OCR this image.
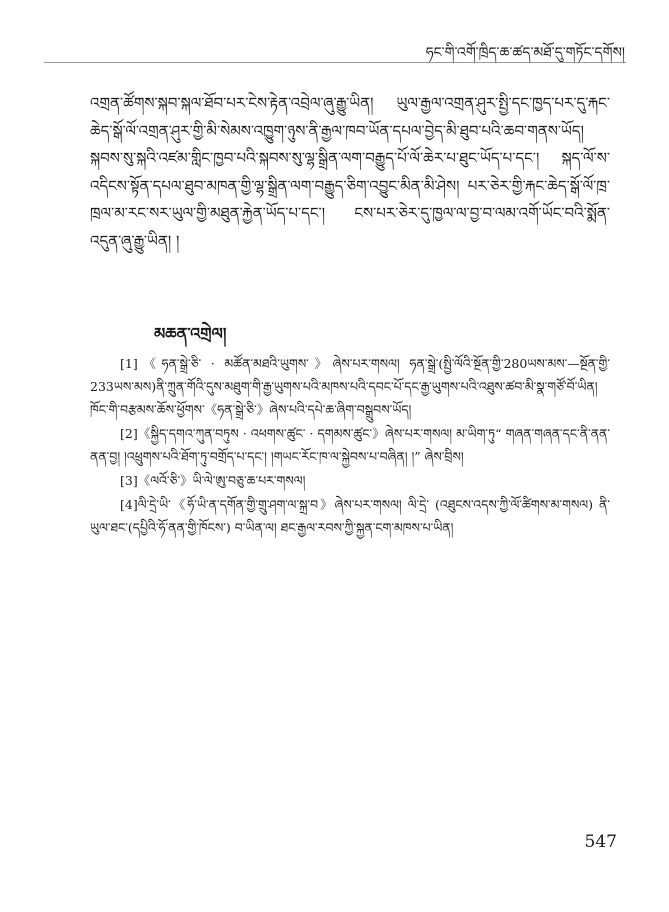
ཧང་གི་འགོ་ཁྲིད་ཆ་ཚད་མཐོ་དུ་གཏོང་དགོས།
འགྲན་ཚོགས་སྐབ་སྐལ་ཐོབ་པར་ངེས་རྟེན་འབྲེལ་ཞུ་རྒྱུ་ཡིན། ཡུལ་རྒྱལ་འགྲན་ཤུར་སྤྱི་དང་ཁྱད་པར་དུ་རྐང་ཆེད་སྒོ་ལོ་འགྲན་ཤུར་གྱི་མི་སེམས་འཁྱུག་ཉུས་ནི་རྒྱལ་ཁབ་ཡོན་དཔལ་བྱེད་མི་ཐུབ་པའི་ཆབ་གནས་ཡོད། སྐབས་སུ་སྐའི་འཛམ་གླིང་ཁྱབ་པའི་སྐབས་སུ་ལྷ་སྒྲིན་ལག་བརྒྱུད་པོ་ལོ་ཆེར་པ་ཐུང་ཡོད་པ་དང་། སྐད་ལོ་ས་འདིངས་སྟོན་དཔལ་ཐུབ་མཁན་གྱི་ལྷ་སྒྲིན་ལག་བརྒྱུད་ཅིག་འབྱུང་མིན་མི་ཤེས། པར་ཅེར་གྱི་རྐང་ཆེད་སྒོ་ལོ་ཁྲ་ཁྲལ་མ་རང་སར་ཡུལ་གྱི་མཐུན་རྐྱེན་ཡོད་པ་དང་། ངས་པར་ཅེར་དུ་ཁྱལ་ལ་བྱ་བ་ལམ་འགོ་ཡོང་བའི་སྨོན་འདུན་ཞུ་རྒྱུ་ཡིན། །
མཆན་འགྲེལ།

[1]《ཧན་སྒྲེ་ཅི་ · མཚོན་མཐའི་ཡུགས་》ཞེས་པར་གསལ། ཧན་སྒྲེ་(སྤྱི་ལོའི་སྔོན་གྱི་280ཡས་མས་—སྔོན་གྱི་233ཡས་མས)ནི་ཀྲུན་གོའི་དུས་མཐུག་གི་རྒྱ་ཡུགས་པའི་མཁས་པའི་དབང་པོ་དང་རྒྱ་ཡུགས་པའི་འཐུས་ཚབ་མི་སྣ་གཙོ་བོ་ཡིན། ཁོང་གི་བརྩམས་ཆོས་ཕྱོགས་《ཧན་སྒྲེ་ཅི་》ཞེས་པའི་དཔེ་ཆ་ཞིག་བསྒྲུབས་ཡོད།

[2]《སྐྱིད་དགའ་ཀུན་བཏུས · འཕགས་ཚུང་ · དགམས་ཚུང་》ཞེས་པར་གསལ། མ་ཡིག་ཏུ“ གཞན་གཞན་དང་ནི་ནན་ནན་བྱ། །འཕྲུགས་པའི་ཐོག་ཏུ་བགྲོད་པ་དང་། །གཡང་རོང་ཁ་ལ་སྐྱེབས་པ་བཞིན། །” ཞེས་བྲིས།

[3]《ལའོ་ཅི་》ཡི་ལེ་ཨུ་བཅུ་ཆ་པར་གསལ།

[4]ལི་དྲེ་ཡི་《ཧོ་ཡི་ན་དགོན་གྱི་གྲུ་ཤག་ལ་སྐྲ་བ》ཞེས་པར་གསལ། ལི་དྲེ་ (འཐུངས་འདས་ཀྱི་ལོ་ཚིགས་མ་གསལ) ནི་ཡུལ་ཐང་(དཔྱིའི་ཧོ་ནན་གྱི་ཁོངས་) བ་ཡིན་ལ། ཐང་རྒྱལ་རབས་ཀྱི་སྐྱན་ངག་མཁས་པ་ཡིན།

547
